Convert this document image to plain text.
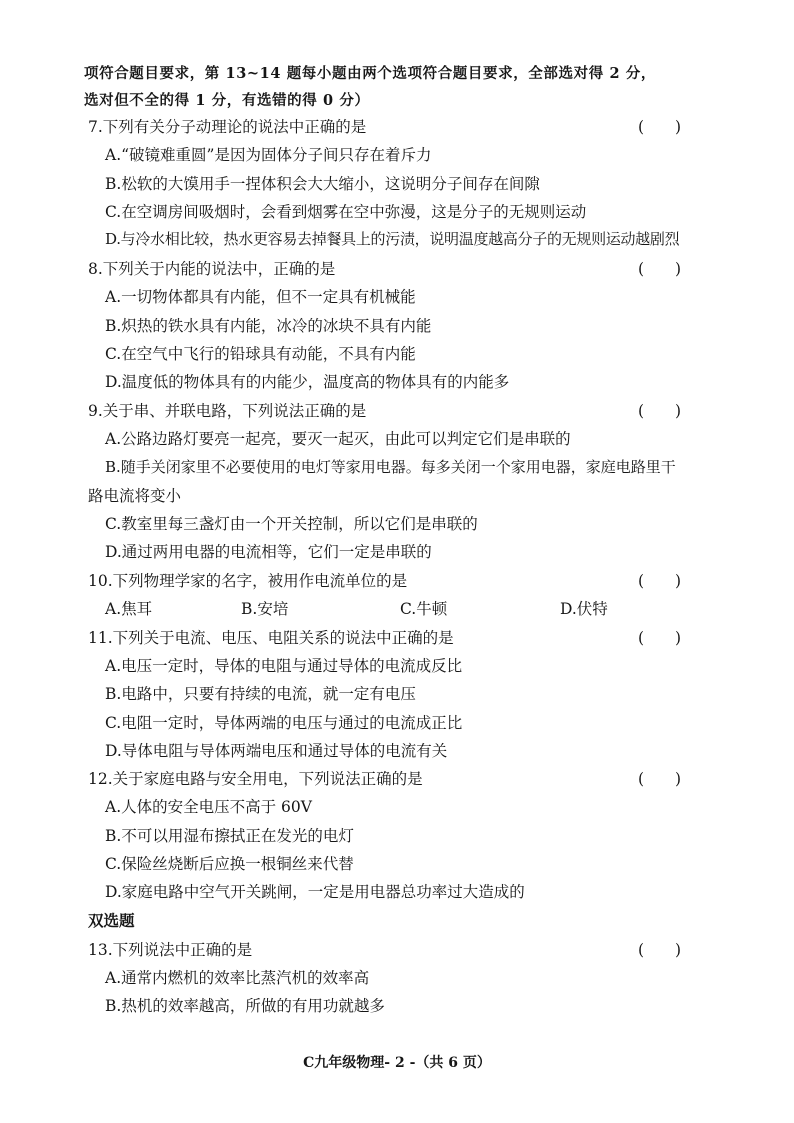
项符合题目要求，第 13~14 题每小题由两个选项符合题目要求，全部选对得 2 分，
选对但不全的得 1 分，有选错的得 0 分）
7.下列有关分子动理论的说法中正确的是	(　　)
A.“破镜难重圆”是因为固体分子间只存在着斥力
B.松软的大馍用手一捏体积会大大缩小，这说明分子间存在间隙
C.在空调房间吸烟时，会看到烟雾在空中弥漫，这是分子的无规则运动
D.与冷水相比较，热水更容易去掉餐具上的污渍，说明温度越高分子的无规则运动越剧烈
8.下列关于内能的说法中，正确的是	(　　)
A.一切物体都具有内能，但不一定具有机械能
B.炽热的铁水具有内能，冰冷的冰块不具有内能
C.在空气中飞行的铅球具有动能，不具有内能
D.温度低的物体具有的内能少，温度高的物体具有的内能多
9.关于串、并联电路，下列说法正确的是	(　　)
A.公路边路灯要亮一起亮，要灭一起灭，由此可以判定它们是串联的
B.随手关闭家里不必要使用的电灯等家用电器。每多关闭一个家用电器，家庭电路里干
路电流将变小
C.教室里每三盏灯由一个开关控制，所以它们是串联的
D.通过两用电器的电流相等，它们一定是串联的
10.下列物理学家的名字，被用作电流单位的是	(　　)
A.焦耳	B.安培	C.牛顿	D.伏特
11.下列关于电流、电压、电阻关系的说法中正确的是	(　　)
A.电压一定时，导体的电阻与通过导体的电流成反比
B.电路中，只要有持续的电流，就一定有电压
C.电阻一定时，导体两端的电压与通过的电流成正比
D.导体电阻与导体两端电压和通过导体的电流有关
12.关于家庭电路与安全用电，下列说法正确的是	(　　)
A.人体的安全电压不高于 60V
B.不可以用湿布擦拭正在发光的电灯
C.保险丝烧断后应换一根铜丝来代替
D.家庭电路中空气开关跳闸，一定是用电器总功率过大造成的
双选题
13.下列说法中正确的是	(　　)
A.通常内燃机的效率比蒸汽机的效率高
B.热机的效率越高，所做的有用功就越多
C九年级物理- 2 -（共 6 页）
